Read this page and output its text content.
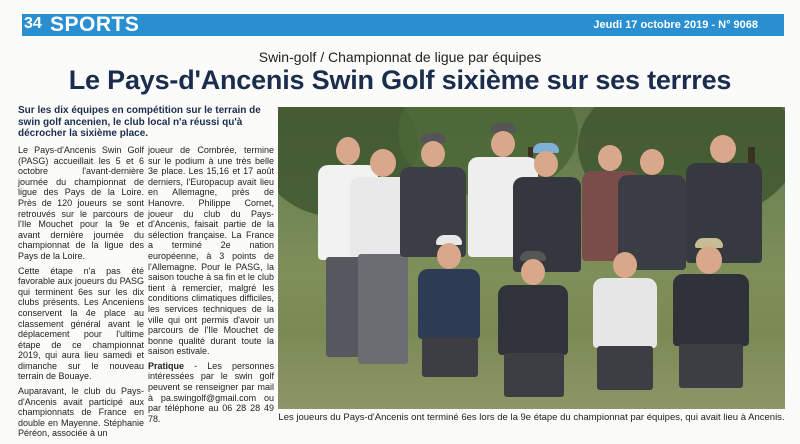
34 SPORTS	Jeudi 17 octobre 2019 - N° 9068
Swin-golf / Championnat de ligue par équipes
Le Pays-d'Ancenis Swin Golf sixième sur ses terrres
Sur les dix équipes en compétition sur le terrain de swin golf ancenien, le club local n'a réussi qu'à décrocher la sixième place.

Le Pays-d'Ancenis Swin Golf (PASG) accueillait les 5 et 6 octobre l'avant-dernière journée du championnat de ligue des Pays de la Loire. Près de 120 joueurs se sont retrouvés sur le parcours de l'Ile Mouchet pour la 9e et avant dernière journée du championnat de la ligue des Pays de la Loire.

Cette étape n'a pas été favorable aux joueurs du PASG qui terminent 6es sur les dix clubs présents. Les Anceniens conservent la 4e place au classement général avant le déplacement pour l'ultime étape de ce championnat 2019, qui aura lieu samedi et dimanche sur le nouveau terrain de Bouaye.

Auparavant, le club du Pays-d'Ancenis avait participé aux championnats de France en double en Mayenne. Stéphanie Péréon, associée à un

joueur de Combrée, termine sur le podium à une très belle 3e place. Les 15,16 et 17 août derniers, l'Europacup avait lieu en Allemagne, près de Hanovre. Philippe Cornet, joueur du club du Pays-d'Ancenis, faisait partie de la sélection française. La France a terminé 2e nation européenne, à 3 points de l'Allemagne. Pour le PASG, la saison touche à sa fin et le club tient à remercier, malgré les conditions climatiques difficiles, les services techniques de la ville qui ont permis d'avoir un parcours de l'Ile Mouchet de bonne qualité durant toute la saison estivale.

Pratique - Les personnes intéressées par le swin golf peuvent se renseigner par mail à pa.swingolf@gmail.com ou par téléphone au 06 28 28 49 78.	Les joueurs du Pays-d'Ancenis ont terminé 6es lors de la 9e étape du championnat par équipes, qui avait lieu à Ancenis.
